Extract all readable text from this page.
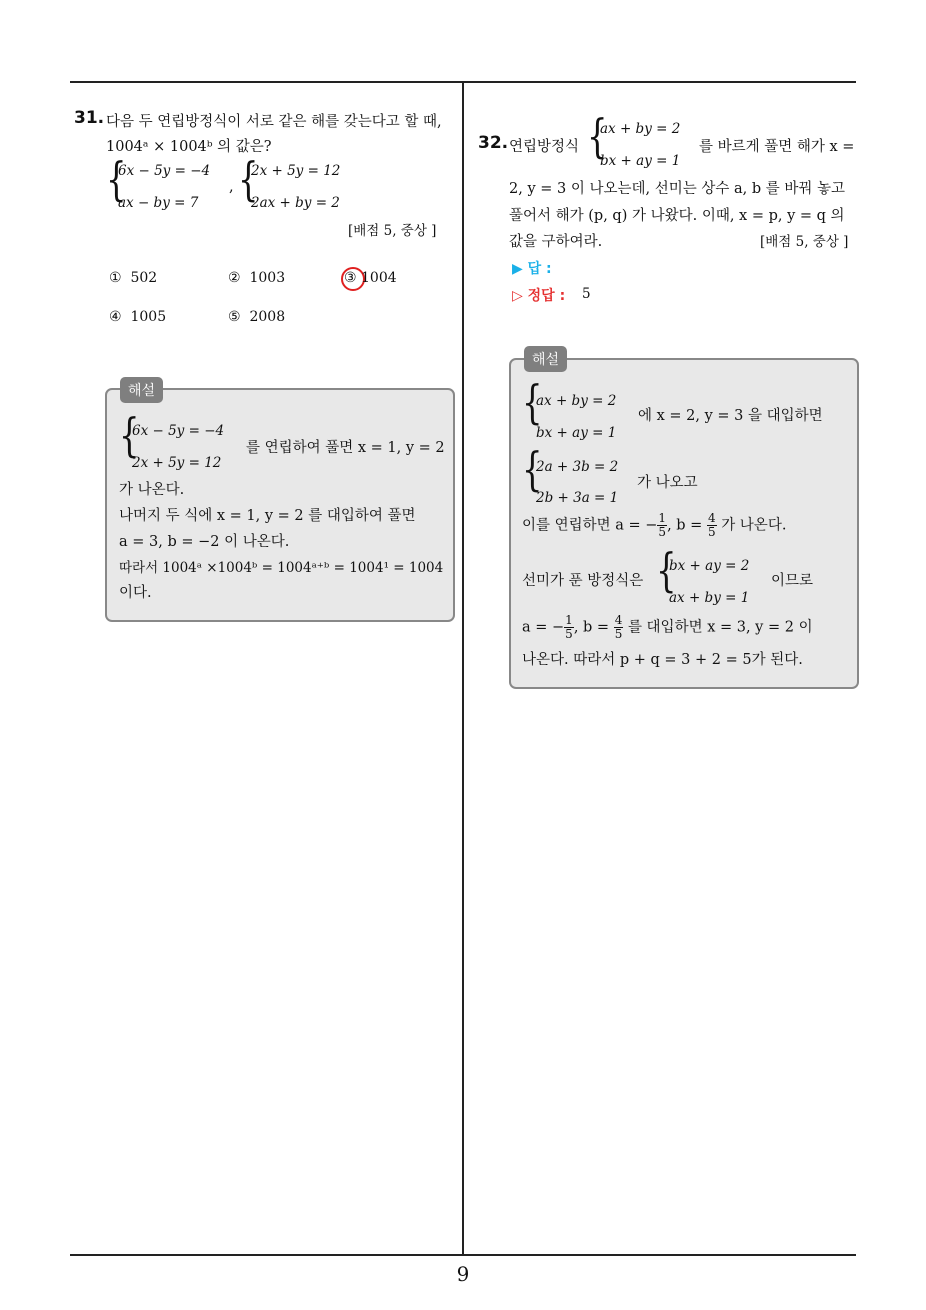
31. 다음 두 연립방정식이 서로 같은 해를 갖는다고 할 때,
1004ᵃ × 1004ᵇ 의 값은?
{
6x − 5y = −4
ax − by = 7
, {
2x + 5y = 12
2ax + by = 2
[배점 5, 중상 ]
① 502	② 1003	③ 1004
④ 1005	⑤ 2008
해설
{
6x − 5y = −4
2x + 5y = 12
를 연립하여 풀면 x = 1, y = 2
가 나온다.
나머지 두 식에 x = 1, y = 2 를 대입하여 풀면
a = 3, b = −2 이 나온다.
따라서 1004ᵃ ×1004ᵇ = 1004ᵃ⁺ᵇ = 1004¹ = 1004
이다.
32. 연립방정식 {
ax + by = 2
bx + ay = 1
를 바르게 풀면 해가 x =
2, y = 3 이 나오는데, 선미는 상수 a, b 를 바꿔 놓고
풀어서 해가 (p, q) 가 나왔다. 이때, x = p, y = q 의
값을 구하여라.	[배점 5, 중상 ]
▶ 답 :
▷ 정답 : 5
해설
{
ax + by = 2
bx + ay = 1
에 x = 2, y = 3 을 대입하면
{
2a + 3b = 2
2b + 3a = 1
가 나오고
이를 연립하면 a = − $\frac{1}{5}$ , $b = \frac{4}{5}$ 가 나온다.
선미가 푼 방정식은 {
bx + ay = 2
ax + by = 1
이므로
a = − $\frac{1}{5}$ , $b = \frac{4}{5}$ 를 대입하면 x = 3, y = 2 이
나온다. 따라서 p + q = 3 + 2 = 5가 된다.
9
